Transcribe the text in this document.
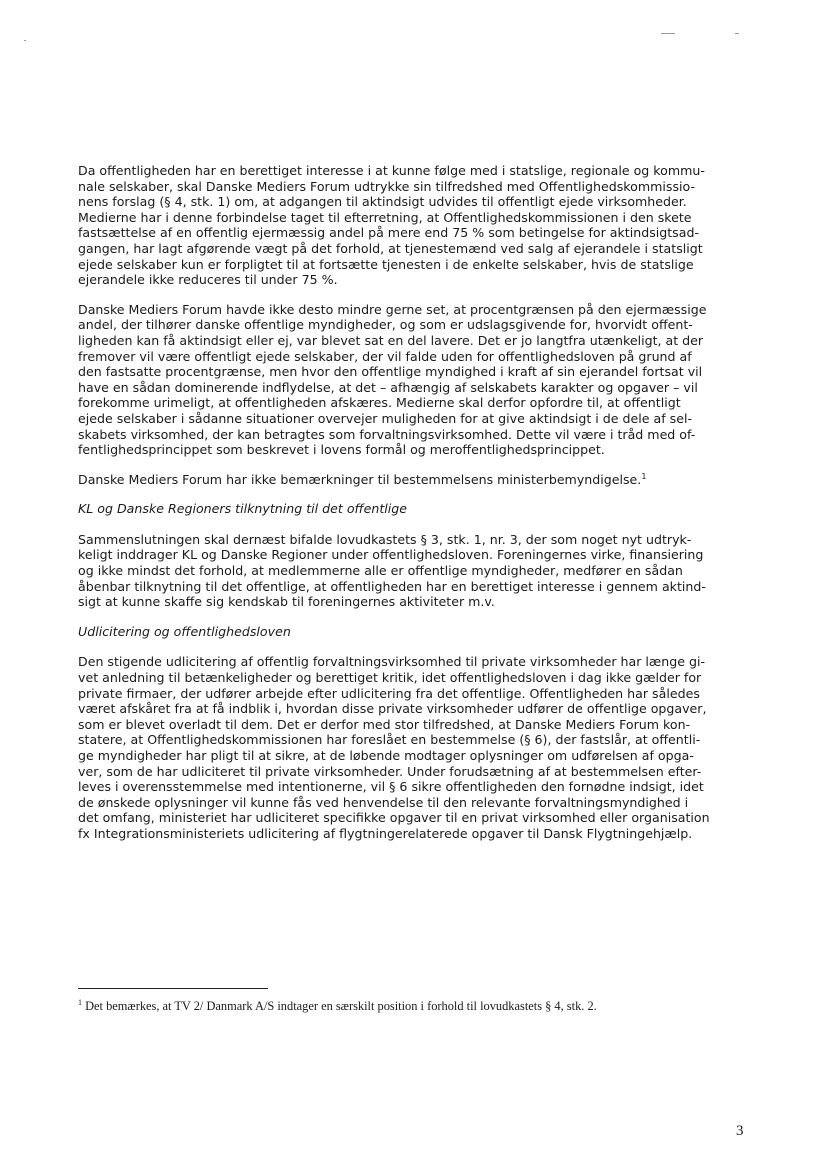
Da offentligheden har en berettiget interesse i at kunne følge med i statslige, regionale og kommu-
nale selskaber, skal Danske Mediers Forum udtrykke sin tilfredshed med Offentlighedskommissio-
nens forslag (§ 4, stk. 1) om, at adgangen til aktindsigt udvides til offentligt ejede virksomheder.
Medierne har i denne forbindelse taget til efterretning, at Offentlighedskommissionen i den skete
fastsættelse af en offentlig ejermæssig andel på mere end 75 % som betingelse for aktindsigtsad-
gangen, har lagt afgørende vægt på det forhold, at tjenestemænd ved salg af ejerandele i statsligt
ejede selskaber kun er forpligtet til at fortsætte tjenesten i de enkelte selskaber, hvis de statslige
ejerandele ikke reduceres til under 75 %.
Danske Mediers Forum havde ikke desto mindre gerne set, at procentgrænsen på den ejermæssige
andel, der tilhører danske offentlige myndigheder, og som er udslagsgivende for, hvorvidt offent-
ligheden kan få aktindsigt eller ej, var blevet sat en del lavere. Det er jo langtfra utænkeligt, at der
fremover vil være offentligt ejede selskaber, der vil falde uden for offentlighedsloven på grund af
den fastsatte procentgrænse, men hvor den offentlige myndighed i kraft af sin ejerandel fortsat vil
have en sådan dominerende indflydelse, at det – afhængig af selskabets karakter og opgaver – vil
forekomme urimeligt, at offentligheden afskæres. Medierne skal derfor opfordre til, at offentligt
ejede selskaber i sådanne situationer overvejer muligheden for at give aktindsigt i de dele af sel-
skabets virksomhed, der kan betragtes som forvaltningsvirksomhed. Dette vil være i tråd med of-
fentlighedsprincippet som beskrevet i lovens formål og meroffentlighedsprincippet.
Danske Mediers Forum har ikke bemærkninger til bestemmelsens ministerbemyndigelse.$^1$
KL og Danske Regioners tilknytning til det offentlige
Sammenslutningen skal dernæst bifalde lovudkastets § 3, stk. 1, nr. 3, der som noget nyt udtryk-
keligt inddrager KL og Danske Regioner under offentlighedsloven. Foreningernes virke, finansiering
og ikke mindst det forhold, at medlemmerne alle er offentlige myndigheder, medfører en sådan
åbenbar tilknytning til det offentlige, at offentligheden har en berettiget interesse i gennem aktind-
sigt at kunne skaffe sig kendskab til foreningernes aktiviteter m.v.
Udlicitering og offentlighedsloven
Den stigende udlicitering af offentlig forvaltningsvirksomhed til private virksomheder har længe gi-
vet anledning til betænkeligheder og berettiget kritik, idet offentlighedsloven i dag ikke gælder for
private firmaer, der udfører arbejde efter udlicitering fra det offentlige. Offentligheden har således
været afskåret fra at få indblik i, hvordan disse private virksomheder udfører de offentlige opgaver,
som er blevet overladt til dem. Det er derfor med stor tilfredshed, at Danske Mediers Forum kon-
statere, at Offentlighedskommissionen har foreslået en bestemmelse (§ 6), der fastslår, at offentli-
ge myndigheder har pligt til at sikre, at de løbende modtager oplysninger om udførelsen af opga-
ver, som de har udliciteret til private virksomheder. Under forudsætning af at bestemmelsen efter-
leves i overensstemmelse med intentionerne, vil § 6 sikre offentligheden den fornødne indsigt, idet
de ønskede oplysninger vil kunne fås ved henvendelse til den relevante forvaltningsmyndighed i
det omfang, ministeriet har udliciteret specifikke opgaver til en privat virksomhed eller organisation
fx Integrationsministeriets udlicitering af flygtningerelaterede opgaver til Dansk Flygtningehjælp.
$^1$ Det bemærkes, at TV 2/ Danmark A/S indtager en særskilt position i forhold til lovudkastets § 4, stk. 2.
3
